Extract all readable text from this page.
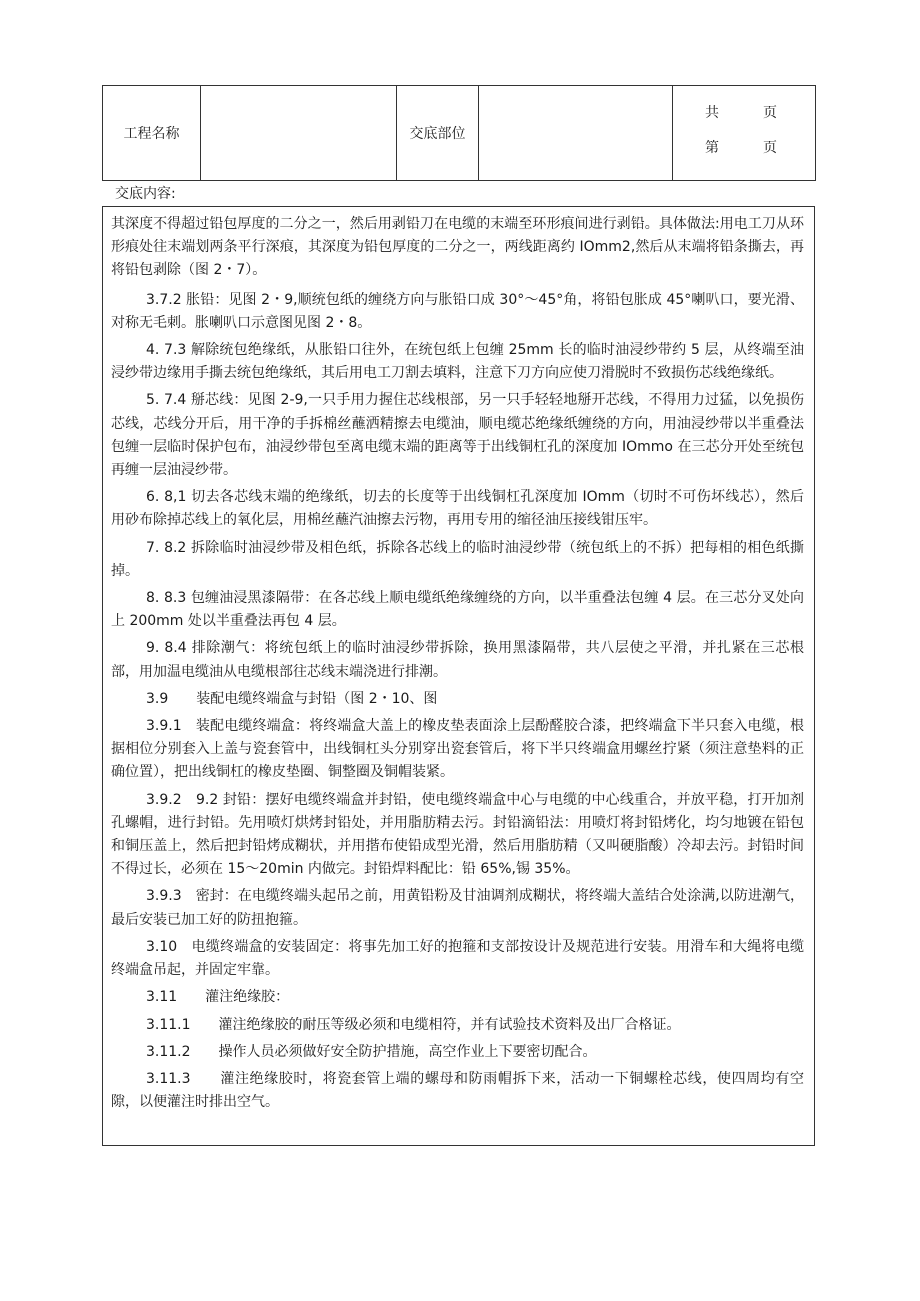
工程名称		交底部位		
共	页
第	页
交底内容:

其深度不得超过铅包厚度的二分之一，然后用剥铅刀在电缆的末端至环形痕间进行剥铅。具体做法:用电工刀从环形痕处往末端划两条平行深痕，其深度为铅包厚度的二分之一，两线距离约 IOmm2,然后从末端将铅条撕去，再将铅包剥除（图 2・7）。

3.7.2 胀铅：见图 2・9,顺统包纸的缠绕方向与胀铅口成 30°～45°角，将铅包胀成 45°喇叭口，要光滑、对称无毛刺。胀喇叭口示意图见图 2・8。

4. 7.3 解除统包绝缘纸，从胀铅口往外，在统包纸上包缠 25mm 长的临时油浸纱带约 5 层，从终端至油浸纱带边缘用手撕去统包绝缘纸，其后用电工刀割去填料，注意下刀方向应使刀滑脱时不致损伤芯线绝缘纸。

5. 7.4 掰芯线：见图 2-9,一只手用力握住芯线根部，另一只手轻轻地掰开芯线，不得用力过猛，以免损伤芯线，芯线分开后，用干净的手拆棉丝蘸洒精擦去电缆油，顺电缆芯绝缘纸缠绕的方向，用油浸纱带以半重叠法包缠一层临时保护包布，油浸纱带包至离电缆末端的距离等于出线铜杠孔的深度加 IOmmo 在三芯分开处至统包再缠一层油浸纱带。

6. 8,1 切去各芯线末端的绝缘纸，切去的长度等于出线铜杠孔深度加 IOmm（切时不可伤坏线芯），然后用砂布除掉芯线上的氧化层，用棉丝蘸汽油擦去污物，再用专用的缩径油压接线钳压牢。

7. 8.2 拆除临时油浸纱带及相色纸，拆除各芯线上的临时油浸纱带（统包纸上的不拆）把每相的相色纸撕掉。

8. 8.3 包缠油浸黑漆隔带：在各芯线上顺电缆纸绝缘缠绕的方向，以半重叠法包缠 4 层。在三芯分叉处向上 200mm 处以半重叠法再包 4 层。

9. 8.4 排除潮气：将统包纸上的临时油浸纱带拆除，换用黑漆隔带，共八层使之平滑，并扎紧在三芯根部，用加温电缆油从电缆根部往芯线末端浇进行排潮。

3.9　　装配电缆终端盒与封铅（图 2・10、图

3.9.1　装配电缆终端盒：将终端盒大盖上的橡皮垫表面涂上层酚醛胶合漆，把终端盒下半只套入电缆，根据相位分别套入上盖与瓷套管中，出线铜杠头分别穿出瓷套管后，将下半只终端盒用螺丝拧紧（须注意垫料的正确位置），把出线铜杠的橡皮垫圈、铜整圈及铜帽装紧。

3.9.2　9.2 封铅：摆好电缆终端盒并封铅，使电缆终端盒中心与电缆的中心线重合，并放平稳，打开加剂孔螺帽，进行封铅。先用喷灯烘烤封铅处，并用脂肪精去污。封铅滴铅法：用喷灯将封铅烤化，均匀地镀在铅包和铜压盖上，然后把封铅烤成糊状，并用揩布使铅成型光滑，然后用脂肪精（又叫硬脂酸）冷却去污。封铅时间不得过长，必须在 15～20min 内做完。封铅焊料配比：铅 65%,锡 35%。

3.9.3　密封：在电缆终端头起吊之前，用黄铅粉及甘油调剂成糊状，将终端大盖结合处涂满,以防进潮气，最后安装已加工好的防扭抱箍。

3.10　电缆终端盒的安装固定：将事先加工好的抱箍和支部按设计及规范进行安装。用滑车和大绳将电缆终端盒吊起，并固定牢靠。

3.11　　灌注绝缘胶：

3.11.1　　灌注绝缘胶的耐压等级必须和电缆相符，并有试验技术资料及出厂合格证。

3.11.2　　操作人员必须做好安全防护措施，高空作业上下要密切配合。

3.11.3　　灌注绝缘胶时，将瓷套管上端的螺母和防雨帽拆下来，活动一下铜螺栓芯线，使四周均有空隙，以便灌注时排出空气。
